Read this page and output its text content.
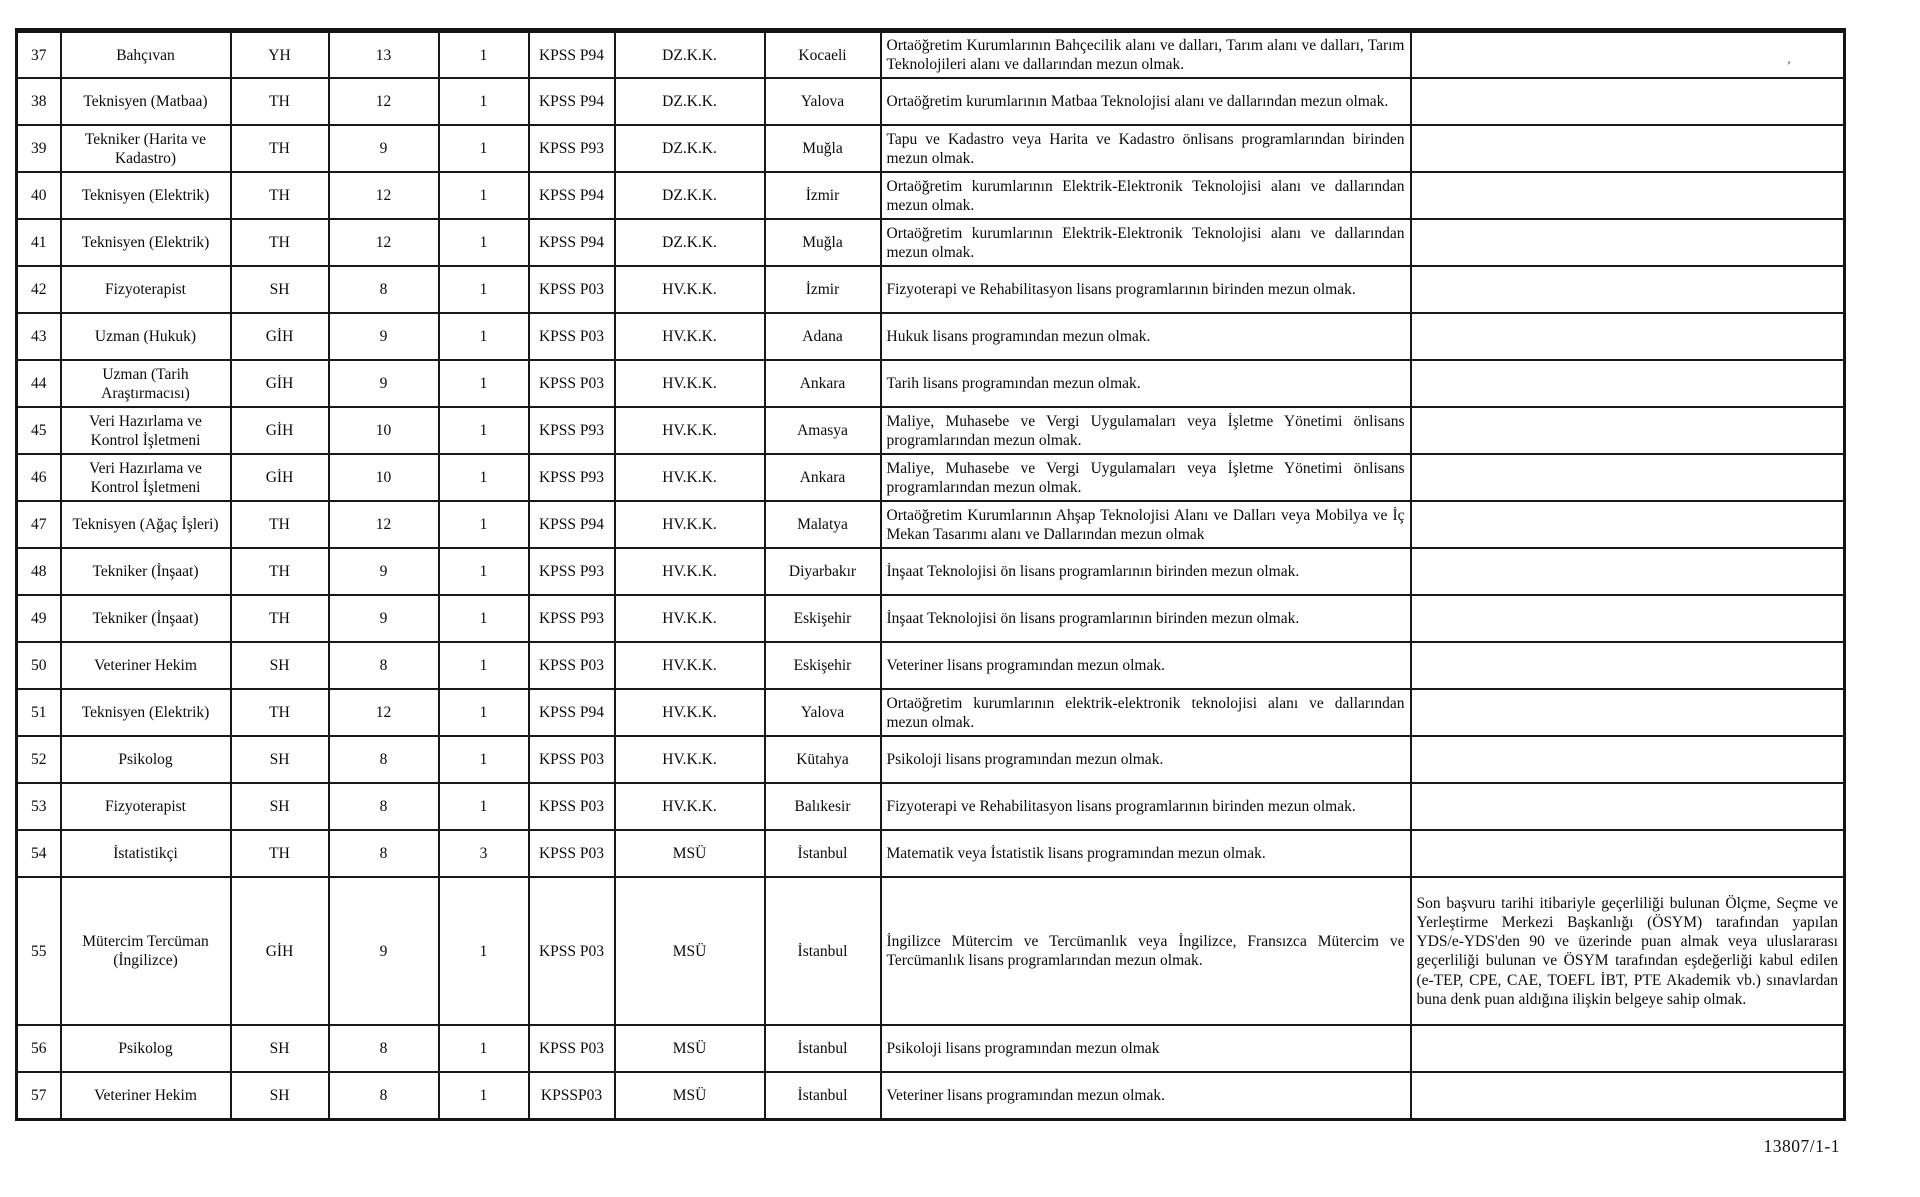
37	Bahçıvan	YH	13	1	KPSS P94	DZ.K.K.	Kocaeli	Ortaöğretim Kurumlarının Bahçecilik alanı ve dalları, Tarım alanı ve dalları, Tarım Teknolojileri alanı ve dallarından mezun olmak.	
38	Teknisyen (Matbaa)	TH	12	1	KPSS P94	DZ.K.K.	Yalova	Ortaöğretim kurumlarının Matbaa Teknolojisi alanı ve dallarından mezun olmak.	
39	Tekniker (Harita ve Kadastro)	TH	9	1	KPSS P93	DZ.K.K.	Muğla	Tapu ve Kadastro veya Harita ve Kadastro önlisans programlarından birinden mezun olmak.	
40	Teknisyen (Elektrik)	TH	12	1	KPSS P94	DZ.K.K.	İzmir	Ortaöğretim kurumlarının Elektrik-Elektronik Teknolojisi alanı ve dallarından mezun olmak.	
41	Teknisyen (Elektrik)	TH	12	1	KPSS P94	DZ.K.K.	Muğla	Ortaöğretim kurumlarının Elektrik-Elektronik Teknolojisi alanı ve dallarından mezun olmak.	
42	Fizyoterapist	SH	8	1	KPSS P03	HV.K.K.	İzmir	Fizyoterapi ve Rehabilitasyon lisans programlarının birinden mezun olmak.	
43	Uzman (Hukuk)	GİH	9	1	KPSS P03	HV.K.K.	Adana	Hukuk lisans programından mezun olmak.	
44	Uzman (Tarih Araştırmacısı)	GİH	9	1	KPSS P03	HV.K.K.	Ankara	Tarih lisans programından mezun olmak.	
45	Veri Hazırlama ve Kontrol İşletmeni	GİH	10	1	KPSS P93	HV.K.K.	Amasya	Maliye, Muhasebe ve Vergi Uygulamaları veya İşletme Yönetimi önlisans programlarından mezun olmak.	
46	Veri Hazırlama ve Kontrol İşletmeni	GİH	10	1	KPSS P93	HV.K.K.	Ankara	Maliye, Muhasebe ve Vergi Uygulamaları veya İşletme Yönetimi önlisans programlarından mezun olmak.	
47	Teknisyen (Ağaç İşleri)	TH	12	1	KPSS P94	HV.K.K.	Malatya	Ortaöğretim Kurumlarının Ahşap Teknolojisi Alanı ve Dalları veya Mobilya ve İç Mekan Tasarımı alanı ve Dallarından mezun olmak	
48	Tekniker (İnşaat)	TH	9	1	KPSS P93	HV.K.K.	Diyarbakır	İnşaat Teknolojisi ön lisans programlarının birinden mezun olmak.	
49	Tekniker (İnşaat)	TH	9	1	KPSS P93	HV.K.K.	Eskişehir	İnşaat Teknolojisi ön lisans programlarının birinden mezun olmak.	
50	Veteriner Hekim	SH	8	1	KPSS P03	HV.K.K.	Eskişehir	Veteriner lisans programından mezun olmak.	
51	Teknisyen (Elektrik)	TH	12	1	KPSS P94	HV.K.K.	Yalova	Ortaöğretim kurumlarının elektrik-elektronik teknolojisi alanı ve dallarından mezun olmak.	
52	Psikolog	SH	8	1	KPSS P03	HV.K.K.	Kütahya	Psikoloji lisans programından mezun olmak.	
53	Fizyoterapist	SH	8	1	KPSS P03	HV.K.K.	Balıkesir	Fizyoterapi ve Rehabilitasyon lisans programlarının birinden mezun olmak.	
54	İstatistikçi	TH	8	3	KPSS P03	MSÜ	İstanbul	Matematik veya İstatistik lisans programından mezun olmak.	
55	Mütercim Tercüman (İngilizce)	GİH	9	1	KPSS P03	MSÜ	İstanbul	İngilizce Mütercim ve Tercümanlık veya İngilizce, Fransızca Mütercim ve Tercümanlık lisans programlarından mezun olmak.	Son başvuru tarihi itibariyle geçerliliği bulunan Ölçme, Seçme ve Yerleştirme Merkezi Başkanlığı (ÖSYM) tarafından yapılan YDS/e-YDS'den 90 ve üzerinde puan almak veya uluslararası geçerliliği bulunan ve ÖSYM tarafından eşdeğerliği kabul edilen (e-TEP, CPE, CAE, TOEFL İBT, PTE Akademik vb.) sınavlardan buna denk puan aldığına ilişkin belgeye sahip olmak.
56	Psikolog	SH	8	1	KPSS P03	MSÜ	İstanbul	Psikoloji lisans programından mezun olmak	
57	Veteriner Hekim	SH	8	1	KPSSP03	MSÜ	İstanbul	Veteriner lisans programından mezun olmak.	
’
13807/1-1
